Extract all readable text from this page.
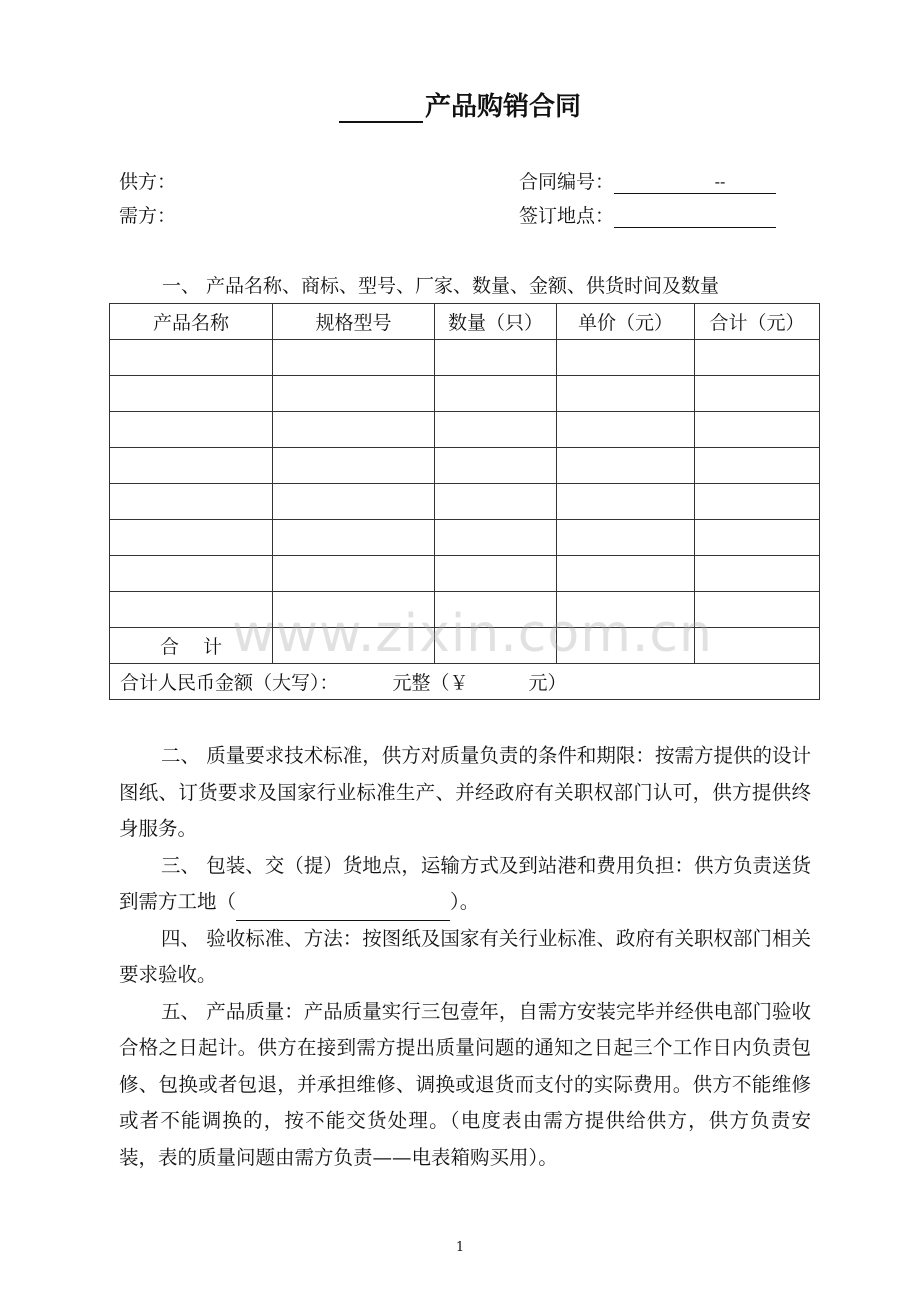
产品购销合同
供方：
需方：
合同编号：	--
签订地点：
一、 产品名称、商标、型号、厂家、数量、金额、供货时间及数量
产品名称	规格型号	数量（只）	单价（元）	合计（元）

合    计				
合计人民币金额（大写）： 元整（￥ 元）				
www.zixin.com.cn

二、 质量要求技术标准，供方对质量负责的条件和期限：按需方提供的设计图纸、订货要求及国家行业标准生产、并经政府有关职权部门认可，供方提供终身服务。

三、 包装、交（提）货地点，运输方式及到站港和费用负担：供方负责送货到需方工地（	）。

四、 验收标准、方法：按图纸及国家有关行业标准、政府有关职权部门相关要求验收。

五、 产品质量：产品质量实行三包壹年，自需方安装完毕并经供电部门验收合格之日起计。供方在接到需方提出质量问题的通知之日起三个工作日内负责包修、包换或者包退，并承担维修、调换或退货而支付的实际费用。供方不能维修或者不能调换的，按不能交货处理。（电度表由需方提供给供方，供方负责安装，表的质量问题由需方负责——电表箱购买用）。

1
